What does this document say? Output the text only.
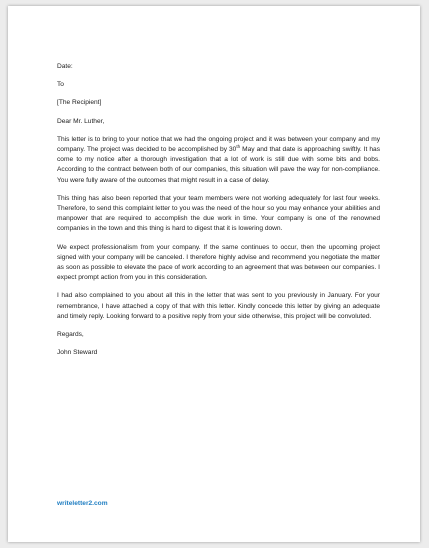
Date:
To
[The Recipient]
Dear Mr. Luther,
This letter is to bring to your notice that we had the ongoing project and it was between your company and my company. The project was decided to be accomplished by 30th May and that date is approaching swiftly. It has come to my notice after a thorough investigation that a lot of work is still due with some bits and bobs. According to the contract between both of our companies, this situation will pave the way for non-compliance. You were fully aware of the outcomes that might result in a case of delay.
This thing has also been reported that your team members were not working adequately for last four weeks. Therefore, to send this complaint letter to you was the need of the hour so you may enhance your abilities and manpower that are required to accomplish the due work in time. Your company is one of the renowned companies in the town and this thing is hard to digest that it is lowering down.
We expect professionalism from your company. If the same continues to occur, then the upcoming project signed with your company will be canceled. I therefore highly advise and recommend you negotiate the matter as soon as possible to elevate the pace of work according to an agreement that was between our companies. I expect prompt action from you in this consideration.
I had also complained to you about all this in the letter that was sent to you previously in January. For your remembrance, I have attached a copy of that with this letter. Kindly concede this letter by giving an adequate and timely reply. Looking forward to a positive reply from your side otherwise, this project will be convoluted.
Regards,
John Steward
writeletter2.com
